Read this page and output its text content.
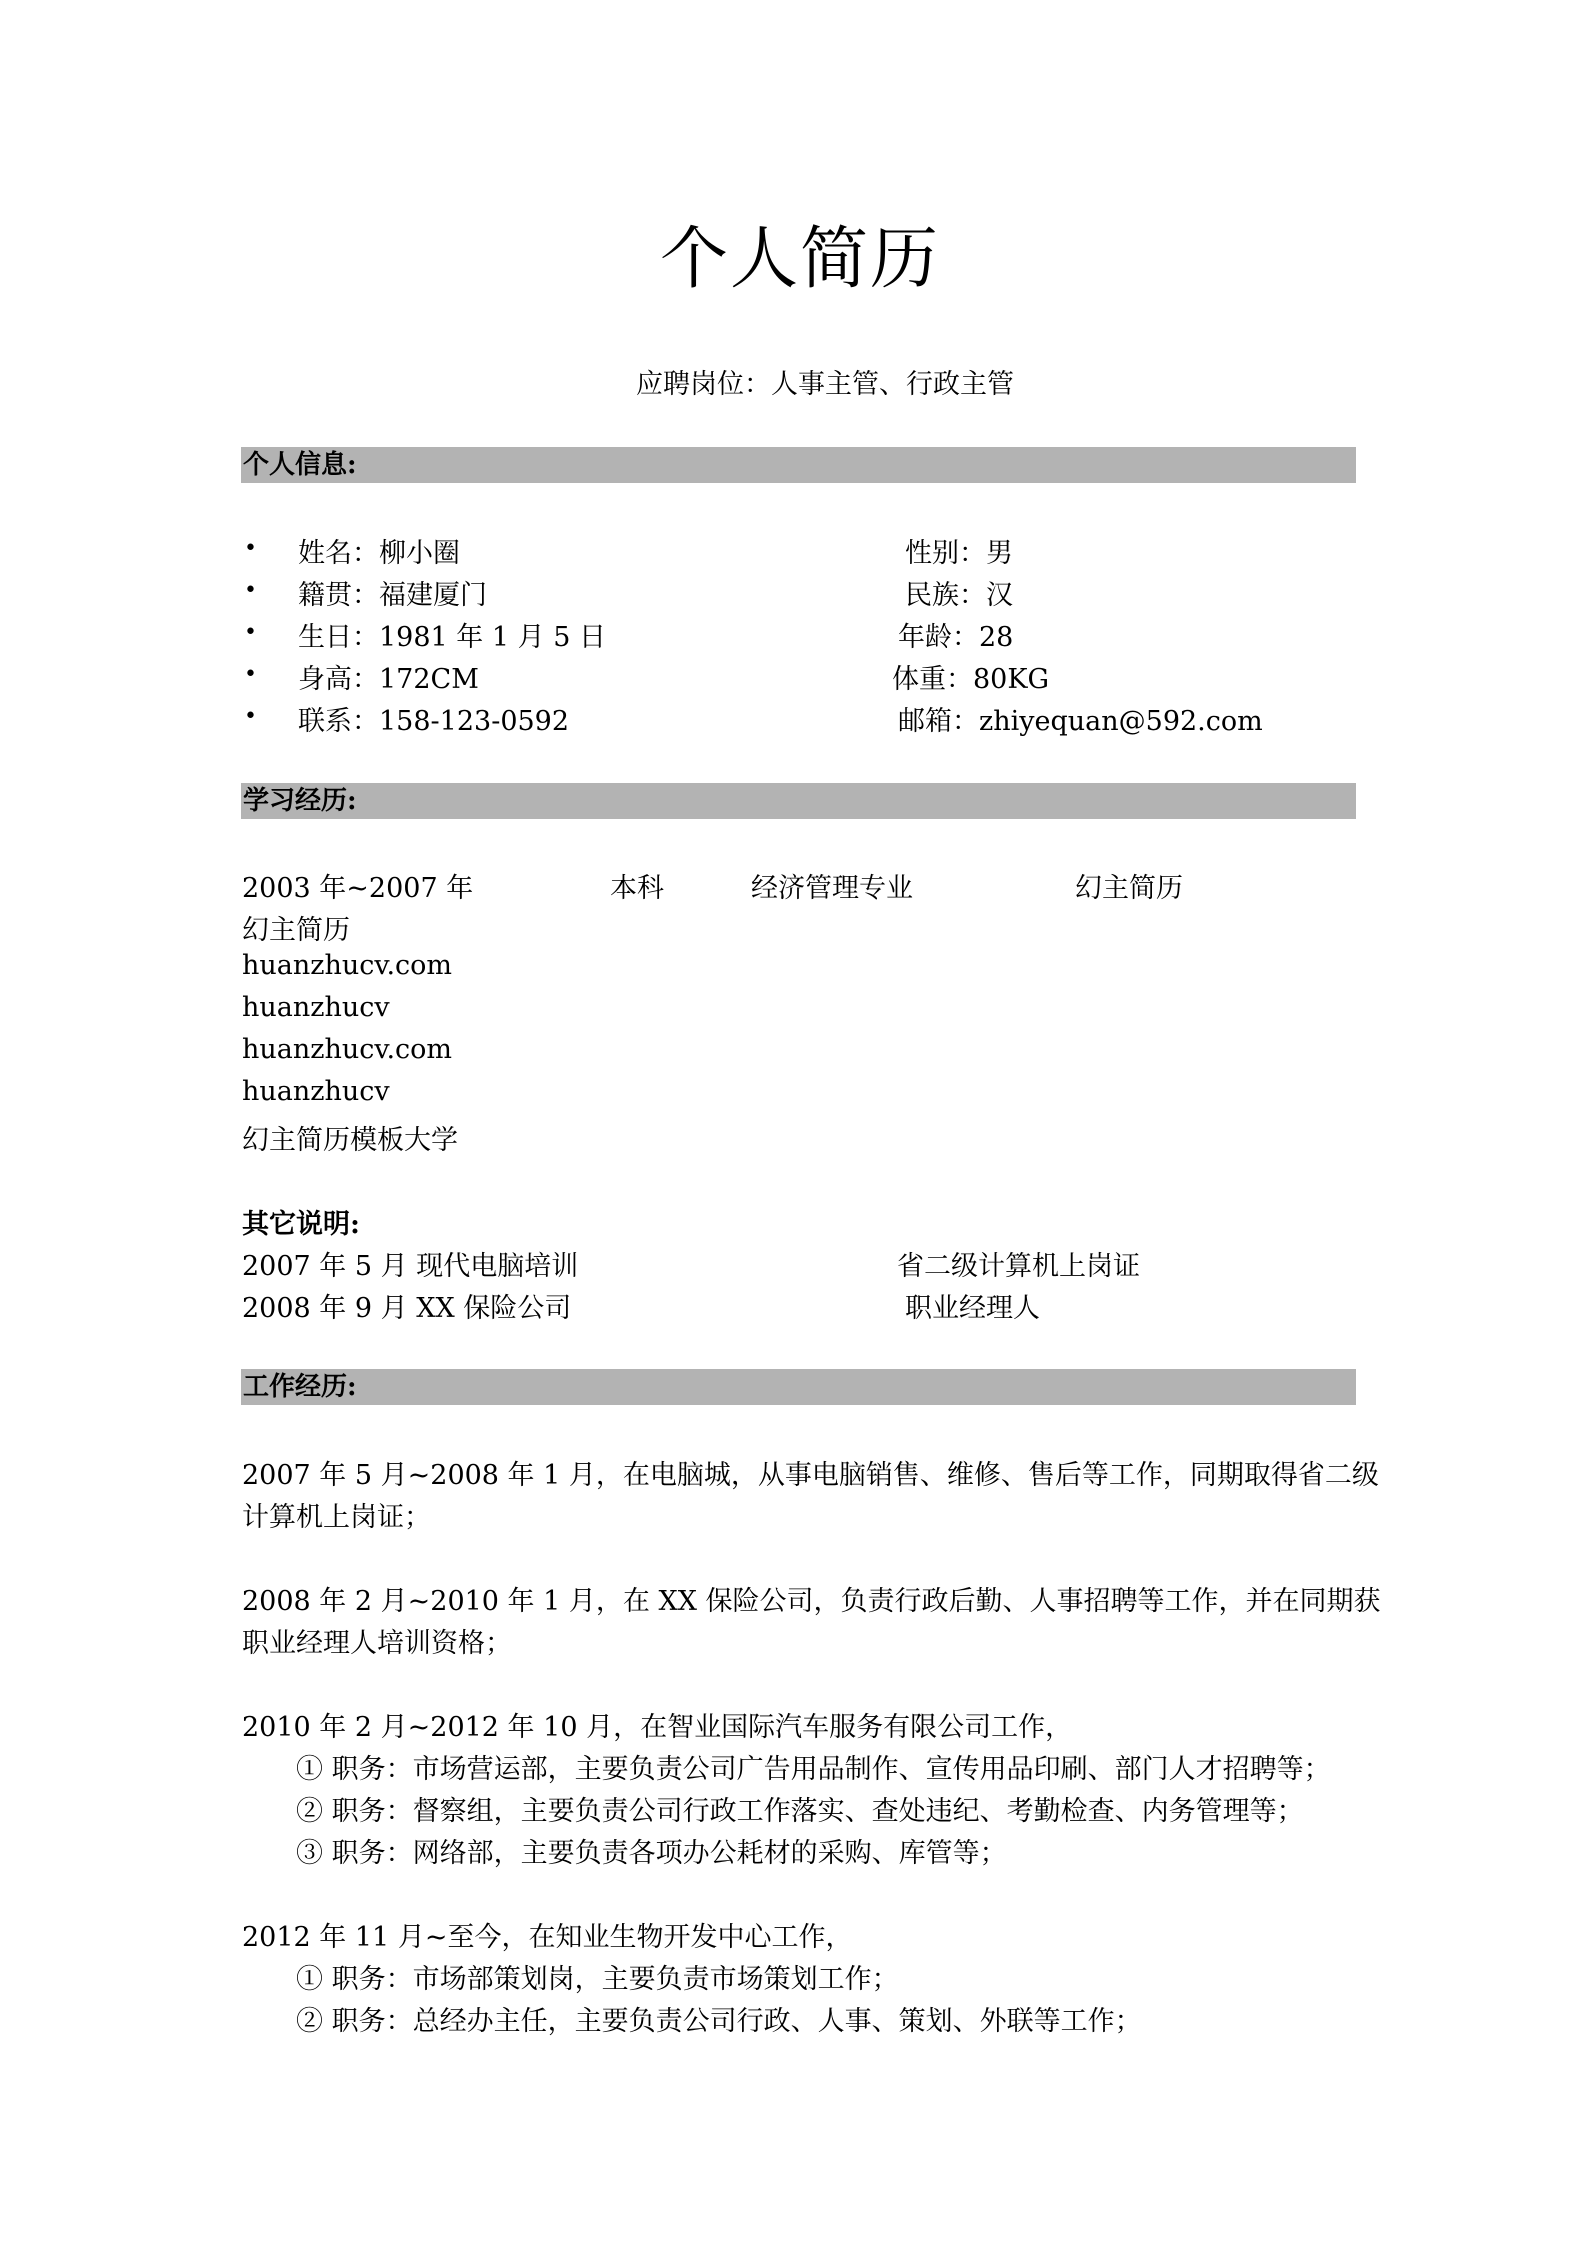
个人简历
应聘岗位：人事主管、行政主管
个人信息:
• 姓名：柳小圈	性别：男
• 籍贯：福建厦门	民族：汉
• 生日：1981 年 1 月 5 日	年龄：28
• 身高：172CM	体重：80KG
• 联系：158-123-0592	邮箱：zhiyequan@592.com
学习经历:
2003 年~2007 年	本科	经济管理专业	幻主简历
幻主简历
huanzhucv.com
huanzhucv
huanzhucv.com
huanzhucv
幻主简历模板大学
其它说明:
2007 年 5 月 现代电脑培训	省二级计算机上岗证
2008 年 9 月 XX 保险公司	职业经理人
工作经历:
2007 年 5 月~2008 年 1 月，在电脑城，从事电脑销售、维修、售后等工作，同期取得省二级
计算机上岗证；
2008 年 2 月~2010 年 1 月，在 XX 保险公司，负责行政后勤、人事招聘等工作，并在同期获
职业经理人培训资格；
2010 年 2 月~2012 年 10 月，在智业国际汽车服务有限公司工作，
① 职务：市场营运部，主要负责公司广告用品制作、宣传用品印刷、部门人才招聘等；
② 职务：督察组，主要负责公司行政工作落实、查处违纪、考勤检查、内务管理等；
③ 职务：网络部，主要负责各项办公耗材的采购、库管等；
2012 年 11 月~至今，在知业生物开发中心工作，
① 职务：市场部策划岗，主要负责市场策划工作；
② 职务：总经办主任，主要负责公司行政、人事、策划、外联等工作；
